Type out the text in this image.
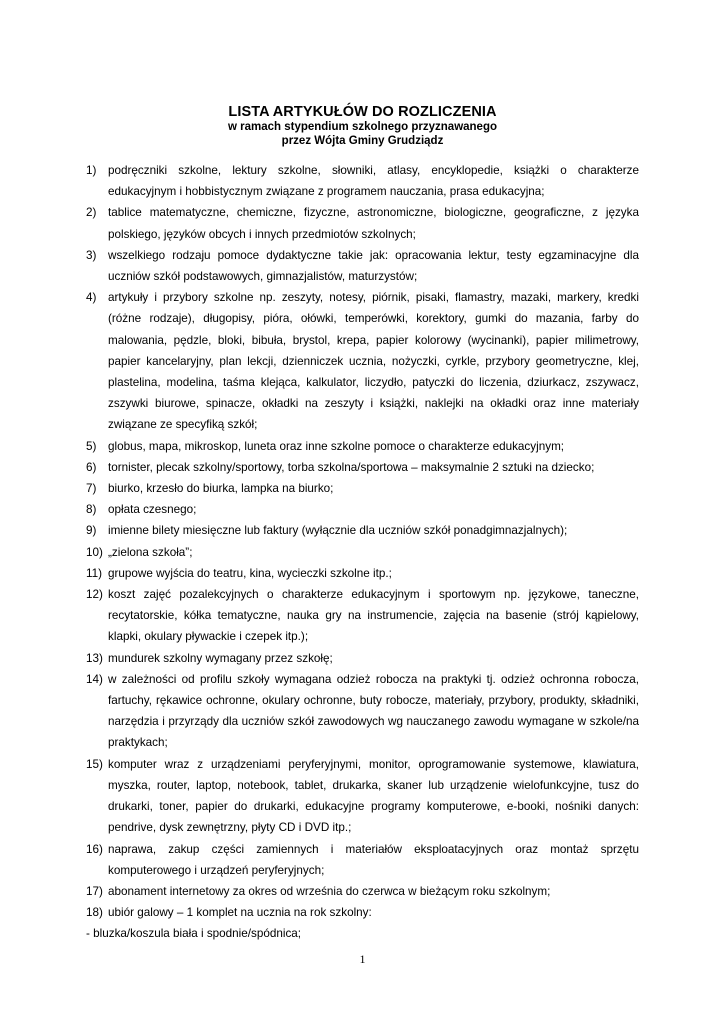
LISTA ARTYKUŁÓW DO ROZLICZENIA
w ramach stypendium szkolnego przyznawanego
przez Wójta Gminy Grudziądz
1) podręczniki szkolne, lektury szkolne, słowniki, atlasy, encyklopedie, książki o charakterze edukacyjnym i hobbistycznym związane z programem nauczania, prasa edukacyjna;
2) tablice matematyczne, chemiczne, fizyczne, astronomiczne, biologiczne, geograficzne, z języka polskiego, języków obcych i innych przedmiotów szkolnych;
3) wszelkiego rodzaju pomoce dydaktyczne takie jak: opracowania lektur, testy egzaminacyjne dla uczniów szkół podstawowych, gimnazjalistów, maturzystów;
4) artykuły i przybory szkolne np. zeszyty, notesy, piórnik, pisaki, flamastry, mazaki, markery, kredki (różne rodzaje), długopisy, pióra, ołówki, temperówki, korektory, gumki do mazania, farby do malowania, pędzle, bloki, bibuła, brystol, krepa, papier kolorowy (wycinanki), papier milimetrowy, papier kancelaryjny, plan lekcji, dzienniczek ucznia, nożyczki, cyrkle, przybory geometryczne, klej, plastelina, modelina, taśma klejąca, kalkulator, liczydło, patyczki do liczenia, dziurkacz, zszywacz, zszywki biurowe, spinacze, okładki na zeszyty i książki, naklejki na okładki oraz inne materiały związane ze specyfiką szkół;
5) globus, mapa, mikroskop, luneta oraz inne szkolne pomoce o charakterze edukacyjnym;
6) tornister, plecak szkolny/sportowy, torba szkolna/sportowa – maksymalnie 2 sztuki na dziecko;
7) biurko, krzesło do biurka, lampka na biurko;
8) opłata czesnego;
9) imienne bilety miesięczne lub faktury (wyłącznie dla uczniów szkół ponadgimnazjalnych);
10) „zielona szkoła”;
11) grupowe wyjścia do teatru, kina, wycieczki szkolne itp.;
12) koszt zajęć pozalekcyjnych o charakterze edukacyjnym i sportowym np. językowe, taneczne, recytatorskie, kółka tematyczne, nauka gry na instrumencie, zajęcia na basenie (strój kąpielowy, klapki, okulary pływackie i czepek itp.);
13) mundurek szkolny wymagany przez szkołę;
14) w zależności od profilu szkoły wymagana odzież robocza na praktyki tj. odzież ochronna robocza, fartuchy, rękawice ochronne, okulary ochronne, buty robocze, materiały, przybory, produkty, składniki, narzędzia i przyrządy dla uczniów szkół zawodowych wg nauczanego zawodu wymagane w szkole/na praktykach;
15) komputer wraz z urządzeniami peryferyjnymi, monitor, oprogramowanie systemowe, klawiatura, myszka, router, laptop, notebook, tablet, drukarka, skaner lub urządzenie wielofunkcyjne, tusz do drukarki, toner, papier do drukarki, edukacyjne programy komputerowe, e-booki, nośniki danych: pendrive, dysk zewnętrzny, płyty CD i DVD itp.;
16) naprawa, zakup części zamiennych i materiałów eksploatacyjnych oraz montaż sprzętu komputerowego i urządzeń peryferyjnych;
17) abonament internetowy za okres od września do czerwca w bieżącym roku szkolnym;
18) ubiór galowy – 1 komplet na ucznia na rok szkolny:
- bluzka/koszula biała i spodnie/spódnica;
1
